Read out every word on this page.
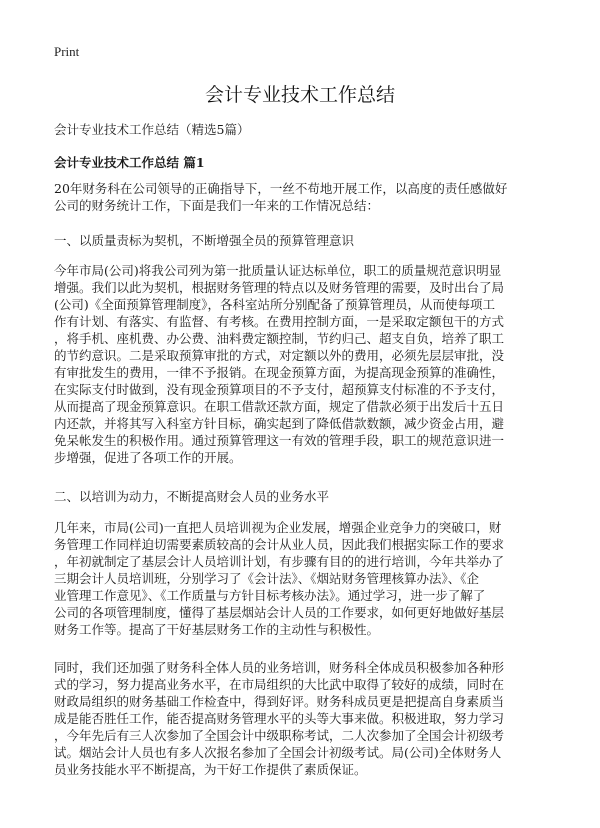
Print
会计专业技术工作总结
会计专业技术工作总结（精选5篇）
会计专业技术工作总结 篇1
20年财务科在公司领导的正确指导下，一丝不苟地开展工作，以高度的责任感做好
公司的财务统计工作，下面是我们一年来的工作情况总结：
一、以质量责标为契机，不断增强全员的预算管理意识
今年市局(公司)将我公司列为第一批质量认证达标单位，职工的质量规范意识明显
增强。我们以此为契机，根据财务管理的特点以及财务管理的需要，及时出台了局
(公司)《全面预算管理制度》，各科室站所分别配备了预算管理员，从而使每项工
作有计划、有落实、有监督、有考核。在费用控制方面，一是采取定额包干的方式
，将手机、座机费、办公费、油料费定额控制，节约归己、超支自负，培养了职工
的节约意识。二是采取预算审批的方式，对定额以外的费用，必须先层层审批，没
有审批发生的费用，一律不予报销。在现金预算方面，为提高现金预算的准确性，
在实际支付时做到，没有现金预算项目的不予支付，超预算支付标准的不予支付，
从而提高了现金预算意识。在职工借款还款方面，规定了借款必须于出发后十五日
内还款，并将其写入科室方针目标，确实起到了降低借款数额，减少资金占用，避
免呆帐发生的积极作用。通过预算管理这一有效的管理手段，职工的规范意识进一
步增强，促进了各项工作的开展。
二、以培训为动力，不断提高财会人员的业务水平
几年来，市局(公司)一直把人员培训视为企业发展，增强企业竞争力的突破口，财
务管理工作同样迫切需要素质较高的会计从业人员，因此我们根据实际工作的要求
，年初就制定了基层会计人员培训计划，有步骤有目的的进行培训，今年共举办了
三期会计人员培训班，分别学习了《会计法》、《烟站财务管理核算办法》、《企
业管理工作意见》、《工作质量与方针目标考核办法》。通过学习，进一步了解了
公司的各项管理制度，懂得了基层烟站会计人员的工作要求，如何更好地做好基层
财务工作等。提高了干好基层财务工作的主动性与积极性。
同时，我们还加强了财务科全体人员的业务培训，财务科全体成员积极参加各种形
式的学习，努力提高业务水平，在市局组织的大比武中取得了较好的成绩，同时在
财政局组织的财务基础工作检查中，得到好评。财务科成员更是把提高自身素质当
成是能否胜任工作，能否提高财务管理水平的头等大事来做。积极进取，努力学习
，今年先后有三人次参加了全国会计中级职称考试，二人次参加了全国会计初级考
试。烟站会计人员也有多人次报名参加了全国会计初级考试。局(公司)全体财务人
员业务技能水平不断提高，为干好工作提供了素质保证。
